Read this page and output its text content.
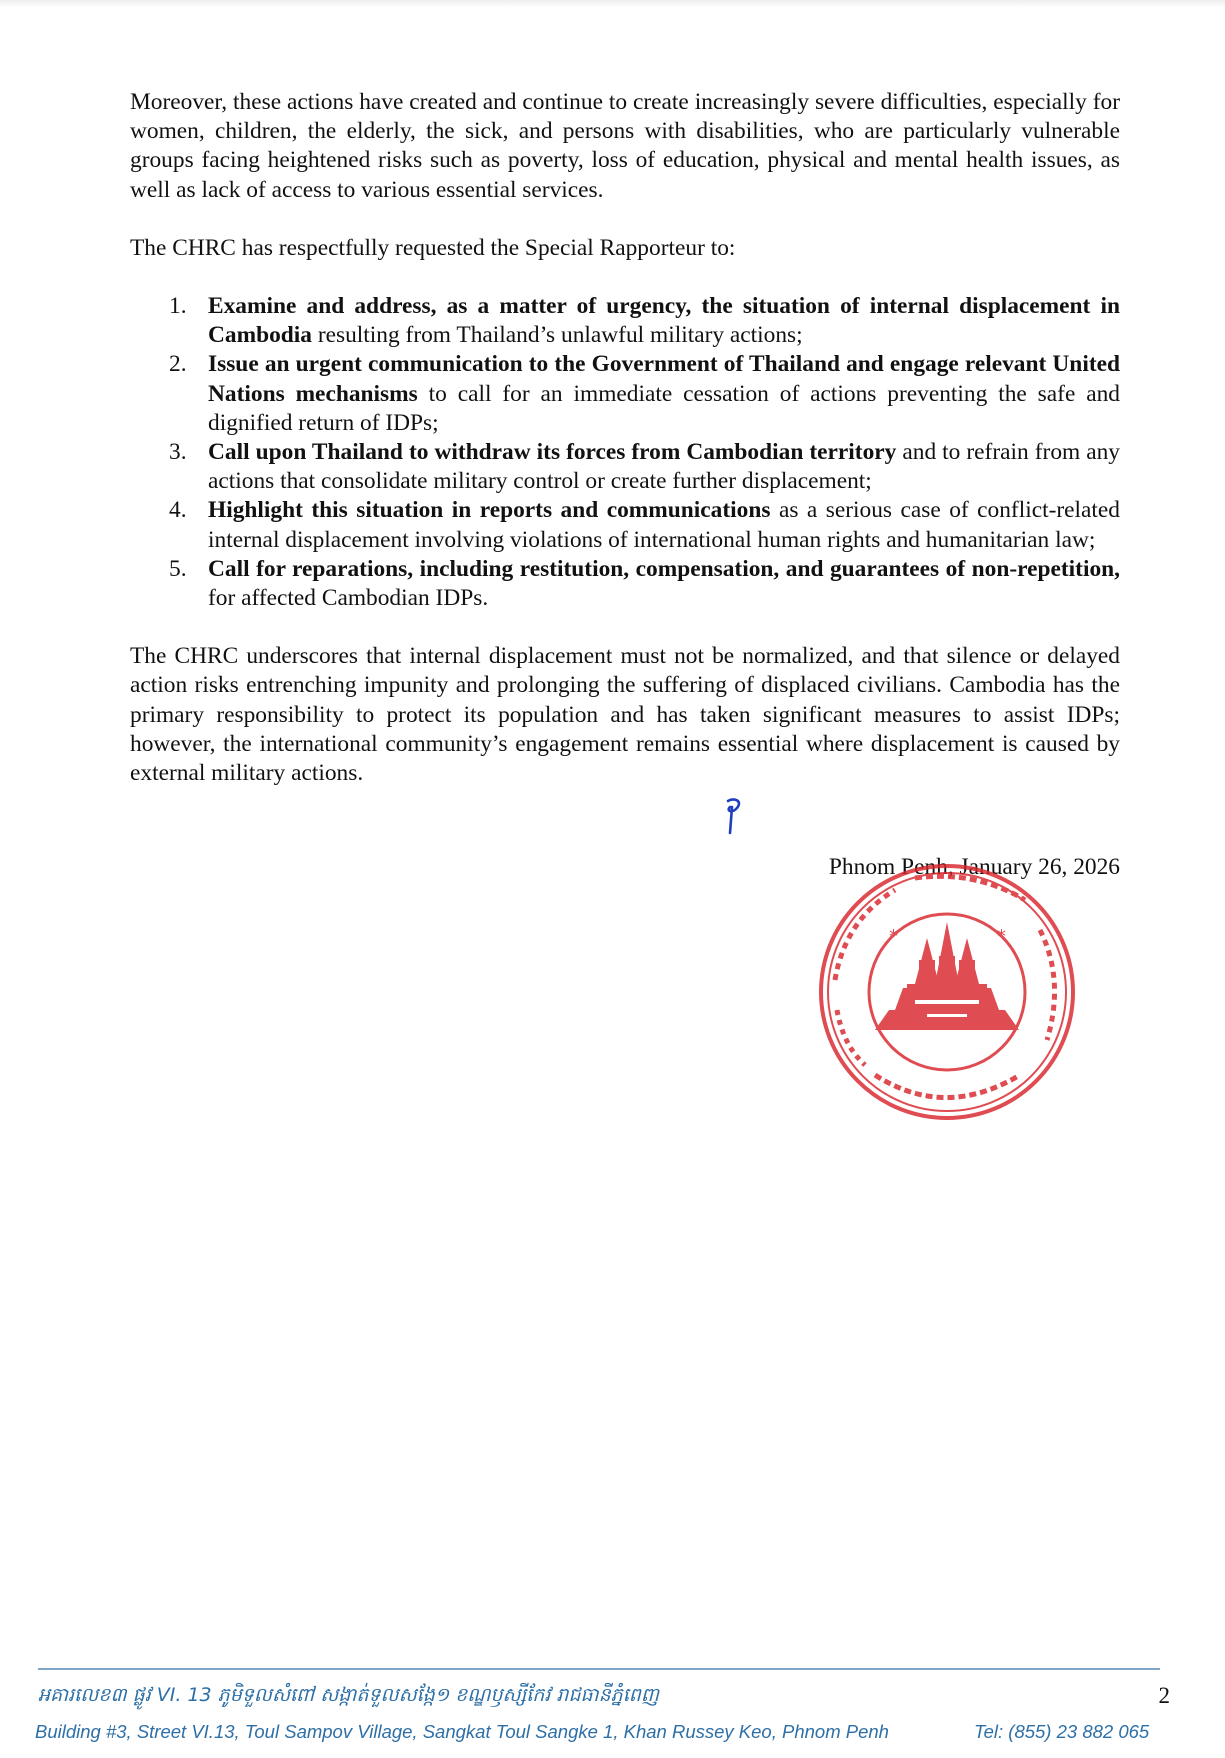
Moreover, these actions have created and continue to create increasingly severe difficulties, especially for women, children, the elderly, the sick, and persons with disabilities, who are particularly vulnerable groups facing heightened risks such as poverty, loss of education, physical and mental health issues, as well as lack of access to various essential services.

The CHRC has respectfully requested the Special Rapporteur to:

1. Examine and address, as a matter of urgency, the situation of internal displacement in Cambodia resulting from Thailand’s unlawful military actions;
2. Issue an urgent communication to the Government of Thailand and engage relevant United Nations mechanisms to call for an immediate cessation of actions preventing the safe and dignified return of IDPs;
3. Call upon Thailand to withdraw its forces from Cambodian territory and to refrain from any actions that consolidate military control or create further displacement;
4. Highlight this situation in reports and communications as a serious case of conflict-related internal displacement involving violations of international human rights and humanitarian law;
5. Call for reparations, including restitution, compensation, and guarantees of non-repetition, for affected Cambodian IDPs.

The CHRC underscores that internal displacement must not be normalized, and that silence or delayed action risks entrenching impunity and prolonging the suffering of displaced civilians. Cambodia has the primary responsibility to protect its population and has taken significant measures to assist IDPs; however, the international community’s engagement remains essential where displacement is caused by external military actions.

Phnom Penh, January 26, 2026
*	*
អគារលេខ៣ ផ្លូវ VI. 13 ភូមិទួលសំពៅ សង្កាត់ទួលសង្កែ១ ខណ្ឌឫស្សីកែវ រាជធានីភ្នំពេញ	2
Building #3, Street VI.13, Toul Sampov Village, Sangkat Toul Sangke 1, Khan Russey Keo, Phnom Penh	Tel: (855) 23 882 065
